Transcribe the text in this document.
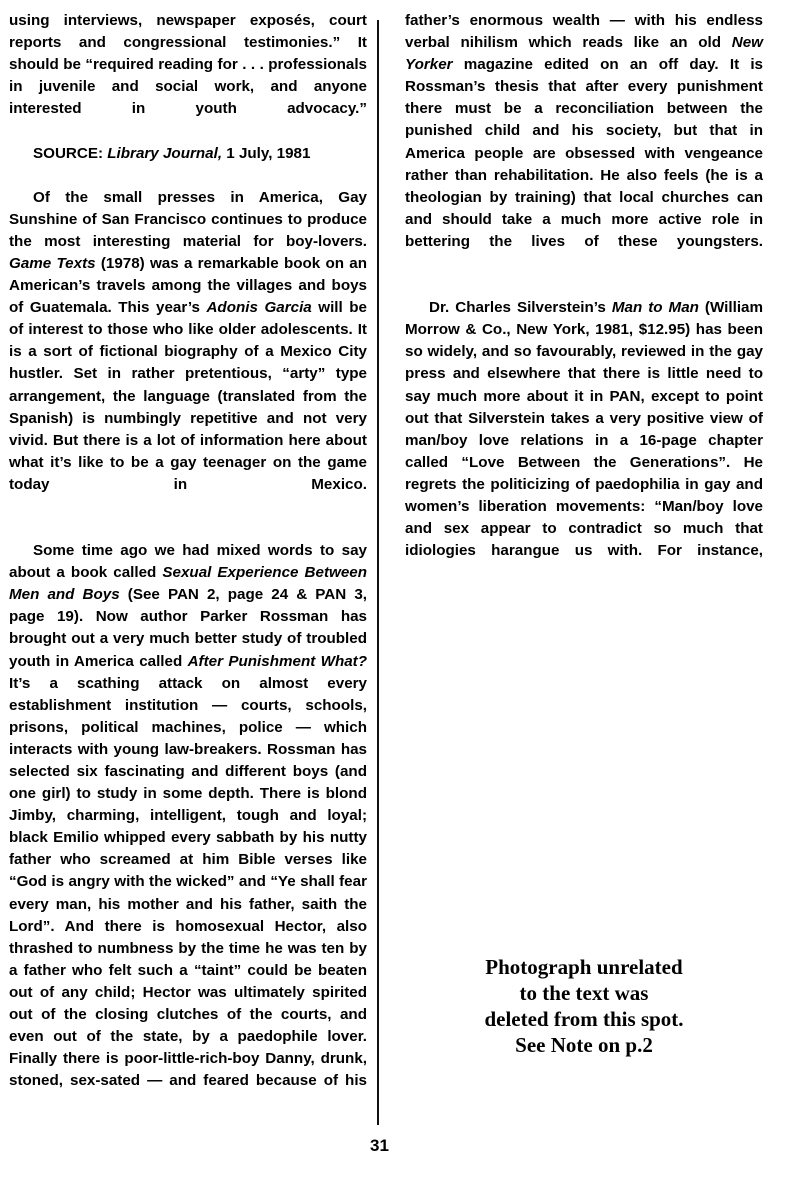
using interviews, newspaper exposés, court reports and congressional testimonies.” It should be “required reading for . . . professionals in juvenile and social work, and anyone interested in youth advocacy.”

SOURCE: Library Journal, 1 July, 1981

Of the small presses in America, Gay Sunshine of San Francisco continues to produce the most interesting material for boy-lovers. Game Texts (1978) was a remarkable book on an American’s travels among the villages and boys of Guatemala. This year’s Adonis Garcia will be of interest to those who like older adolescents. It is a sort of fictional biography of a Mexico City hustler. Set in rather pretentious, “arty” type arrangement, the language (translated from the Spanish) is numbingly repetitive and not very vivid. But there is a lot of information here about what it’s like to be a gay teenager on the game today in Mexico.

Some time ago we had mixed words to say about a book called Sexual Experience Between Men and Boys (See PAN 2, page 24 & PAN 3, page 19). Now author Parker Rossman has brought out a very much better study of troubled youth in America called After Punishment What? It’s a scathing attack on almost every establishment institution — courts, schools, prisons, political machines, police — which interacts with young law-breakers. Rossman has selected six fascinating and different boys (and one girl) to study in some depth. There is blond Jimby, charming, intelligent, tough and loyal; black Emilio whipped every sabbath by his nutty father who screamed at him Bible verses like “God is angry with the wicked” and “Ye shall fear every man, his mother and his father, saith the Lord”. And there is homosexual Hector, also thrashed to numbness by the time he was ten by a father who felt such a “taint” could be beaten out of any child; Hector was ultimately spirited out of the closing clutches of the courts, and even out of the state, by a paedophile lover. Finally there is poor-little-rich-boy Danny, drunk, stoned, sex-sated — and feared because of his

father’s enormous wealth — with his endless verbal nihilism which reads like an old New Yorker magazine edited on an off day. It is Rossman’s thesis that after every punishment there must be a reconciliation between the punished child and his society, but that in America people are obsessed with vengeance rather than rehabilitation. He also feels (he is a theologian by training) that local churches can and should take a much more active role in bettering the lives of these youngsters.

Dr. Charles Silverstein’s Man to Man (William Morrow & Co., New York, 1981, $12.95) has been so widely, and so favourably, reviewed in the gay press and elsewhere that there is little need to say much more about it in PAN, except to point out that Silverstein takes a very positive view of man/boy love relations in a 16-page chapter called “Love Between the Generations”. He regrets the politicizing of paedophilia in gay and women’s liberation movements: “Man/boy love and sex appear to contradict so much that idiologies harangue us with. For instance,

Photograph unrelated
to the text was
deleted from this spot.
See Note on p.2
31
